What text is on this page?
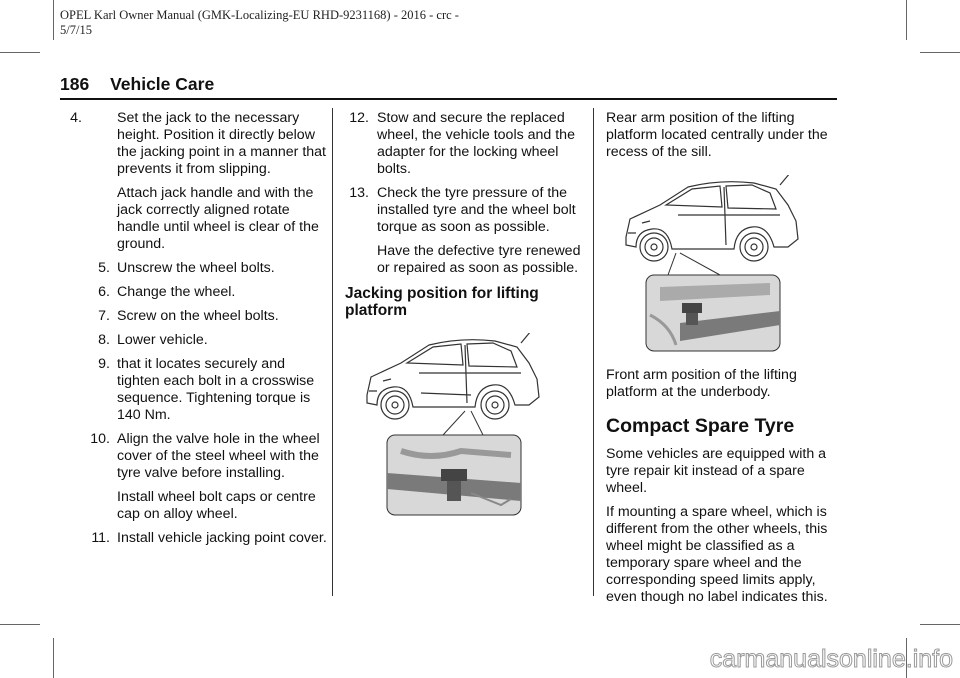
OPEL Karl Owner Manual (GMK-Localizing-EU RHD-9231168) - 2016 - crc -
5/7/15
186 Vehicle Care
4. Set the jack to the necessary height. Position it directly below the jacking point in a manner that prevents it from slipping.
Attach jack handle and with the jack correctly aligned rotate handle until wheel is clear of the ground.
5. Unscrew the wheel bolts.
6. Change the wheel.
7. Screw on the wheel bolts.
8. Lower vehicle.
9. that it locates securely and tighten each bolt in a crosswise sequence. Tightening torque is 140 Nm.
10. Align the valve hole in the wheel cover of the steel wheel with the tyre valve before installing.
Install wheel bolt caps or centre cap on alloy wheel.
11. Install vehicle jacking point cover.
12. Stow and secure the replaced wheel, the vehicle tools and the adapter for the locking wheel bolts.
13. Check the tyre pressure of the installed tyre and the wheel bolt torque as soon as possible.
Have the defective tyre renewed or repaired as soon as possible.
Jacking position for lifting platform
Rear arm position of the lifting platform located centrally under the recess of the sill.
Front arm position of the lifting platform at the underbody.
Compact Spare Tyre
Some vehicles are equipped with a tyre repair kit instead of a spare wheel.
If mounting a spare wheel, which is different from the other wheels, this wheel might be classified as a temporary spare wheel and the corresponding speed limits apply, even though no label indicates this.
carmanualsonline.info
